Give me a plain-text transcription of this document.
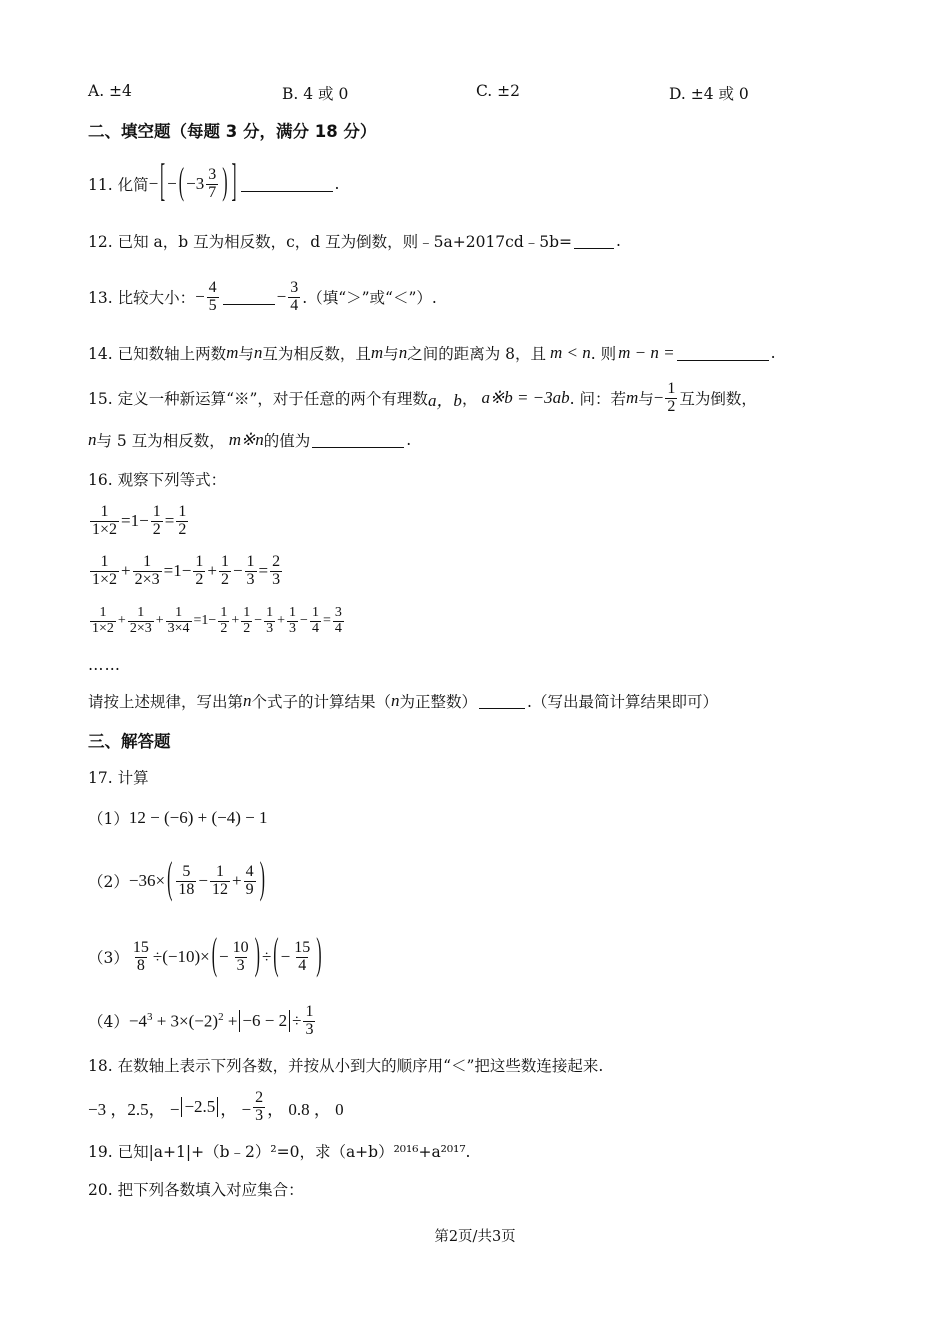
A. ±4	B. 4 或 0	C. ±2	D. ±4 或 0
二、填空题（每题 3 分，满分 18 分）
11. 化简 − [ − ( − $3 \frac{3}{7}$ ) ]	.
12. 已知 a，b 互为相反数，c，d 互为倒数，则﹣5a+2017cd﹣5b=	.
13. 比较大小： − $\frac{4}{5}$	− $\frac{3}{4}$ .（填“＞”或“＜”）.
14. 已知数轴上两数 m 与 n 互为相反数，且 m 与 n 之间的距离为 8，且 m < n . 则 m − n =	.
15. 定义一种新运算“※”，对于任意的两个有理数 a，b ， a※b = −3ab . 问：若 m 与 − $\frac{1}{2}$ 互为倒数，
n 与 5 互为相反数， m※n 的值为	.
16. 观察下列等式：
$\frac{1}{1\times 2} =1- \frac{1}{2} = \frac{1}{2}$
$\frac{1}{1\times 2} + \frac{1}{2\times 3} =1- \frac{1}{2} + \frac{1}{2} - \frac{1}{3} = \frac{2}{3}$
$\frac{1}{1\times 2} + \frac{1}{2\times 3} + \frac{1}{3\times 4} =1- \frac{1}{2} + \frac{1}{2} - \frac{1}{3} + \frac{1}{3} - \frac{1}{4} = \frac{3}{4}$
……
请按上述规律，写出第 n 个式子的计算结果（ n 为正整数）	.（写出最简计算结果即可）
三、解答题
17. 计算
（1） 12 − (−6) + (−4) − 1
（2） −36× ( $\frac{5}{18} - \frac{1}{12} + \frac{4}{9}$ )
$(3) \frac{15}{8} \div(-10)\times$ ( − $\frac{10}{3}$ ) ÷ ( − $\frac{15}{4}$ )
$(4) -4^3 + 3\times(-2)^2 + -6 - 2 \div \frac{1}{3}$
18. 在数轴上表示下列各数，并按从小到大的顺序用“＜”把这些数连接起来.
−3 ，2.5， − −2.5 ， − $\frac{2}{3}$ ， 0.8 ， 0
19. 已知|a+1|+（b﹣2）²=0，求（a+b）²⁰¹⁶+a²⁰¹⁷.
20. 把下列各数填入对应集合：
第2页/共3页
